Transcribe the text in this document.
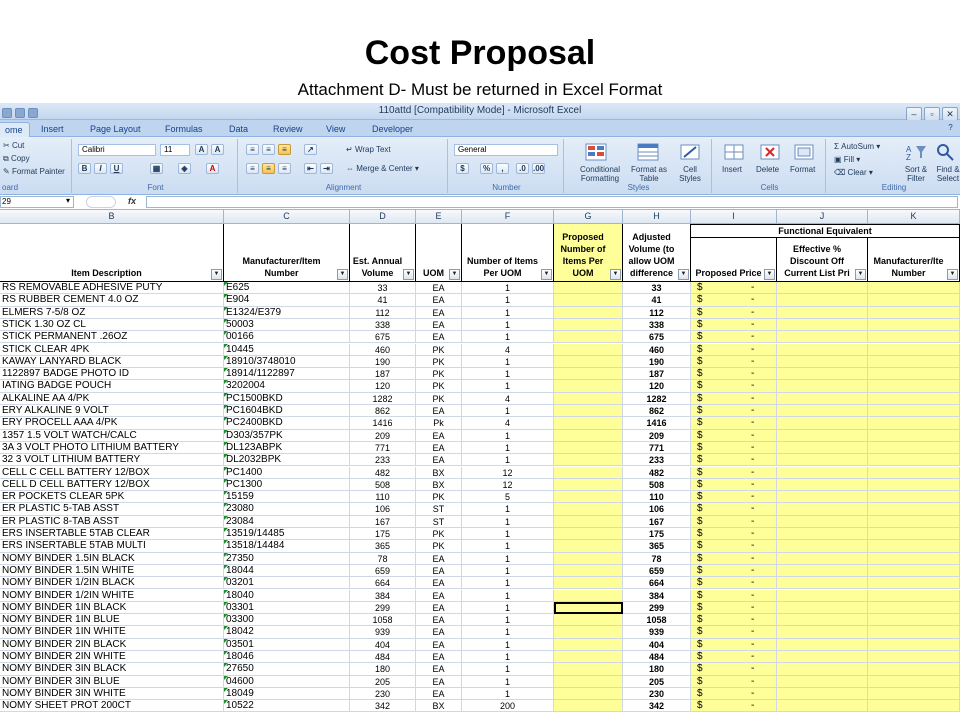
Cost Proposal
Attachment D- Must be returned in Excel Format
110attd [Compatibility Mode] - Microsoft Excel	– ▫ ✕
ome	Insert	Page Layout	Formulas	Data	Review	View	Developer	?
✂ Cut
⧉ Copy
✎ Format Painter
oard
Calibri	11	A	A
B	I	U	▦	◈	A
Font
≡	≡	≡	↗
≡	≡	≡	⇤	⇥
↵ Wrap Text
⇔ Merge & Center ▾
Alignment
General
$	%	,	.0 .00
Number
Conditional Formatting
Format as Table
Cell Styles
Styles
Insert Delete Format
Cells
Σ AutoSum ▾
▣ Fill ▾
⌫ Clear ▾
A
Z
Sort & Filter
Find & Select
Editing
29	▾	fx
B	C	D	E	F	G	H	I	J	K
Functional Equivalent
Item Description	▼
Manufacturer/Item Number	▼
Est. Annual Volume	▼	UOM	▼
Number of Items Per UOM	▼
Proposed Number of Items Per UOM	▼
Adjusted Volume (to allow UOM difference	▼	Proposed Price ▼
Effective % Discount Off Current List Pri	▼
Manufacturer/Ite Number	▼
RS REMOVABLE ADHESIVE PUTY	E625	33	EA	1	33	$	-
RS RUBBER CEMENT 4.0 OZ	E904	41	EA	1	41	$	-
ELMERS 7-5/8 OZ	E1324/E379	112	EA	1	112	$	-
STICK 1.30 OZ CL	50003	338	EA	1	338	$	-
STICK PERMANENT .26OZ	00166	675	EA	1	675	$	-
STICK CLEAR 4PK	10445	460	PK	4	460	$	-
KAWAY LANYARD BLACK	18910/3748010	190	PK	1	190	$	-
1122897 BADGE PHOTO ID	18914/1122897	187	PK	1	187	$	-
IATING BADGE POUCH	3202004	120	PK	1	120	$	-
ALKALINE AA 4/PK	PC1500BKD	1282	PK	4	1282	$	-
ERY ALKALINE 9 VOLT	PC1604BKD	862	EA	1	862	$	-
ERY PROCELL AAA 4/PK	PC2400BKD	1416	Pk	4	1416	$	-
1357 1.5 VOLT WATCH/CALC	D303/357PK	209	EA	1	209	$	-
3A 3 VOLT PHOTO LITHIUM BATTERY	DL123ABPK	771	EA	1	771	$	-
32 3 VOLT LITHIUM BATTERY	DL2032BPK	233	EA	1	233	$	-
CELL C CELL BATTERY 12/BOX	PC1400	482	BX	12	482	$	-
CELL D CELL BATTERY 12/BOX	PC1300	508	BX	12	508	$	-
ER POCKETS CLEAR 5PK	15159	110	PK	5	110	$	-
ER PLASTIC 5-TAB ASST	23080	106	ST	1	106	$	-
ER PLASTIC 8-TAB ASST	23084	167	ST	1	167	$	-
ERS INSERTABLE 5TAB CLEAR	13519/14485	175	PK	1	175	$	-
ERS INSERTABLE 5TAB MULTI	13518/14484	365	PK	1	365	$	-
NOMY BINDER 1.5IN BLACK	27350	78	EA	1	78	$	-
NOMY BINDER 1.5IN WHITE	18044	659	EA	1	659	$	-
NOMY BINDER 1/2IN BLACK	03201	664	EA	1	664	$	-
NOMY BINDER 1/2IN WHITE	18040	384	EA	1	384	$	-
NOMY BINDER 1IN BLACK	03301	299	EA	1	299	$	-
NOMY BINDER 1IN BLUE	03300	1058	EA	1	1058	$	-
NOMY BINDER 1IN WHITE	18042	939	EA	1	939	$	-
NOMY BINDER 2IN BLACK	03501	404	EA	1	404	$	-
NOMY BINDER 2IN WHITE	18046	484	EA	1	484	$	-
NOMY BINDER 3IN BLACK	27650	180	EA	1	180	$	-
NOMY BINDER 3IN BLUE	04600	205	EA	1	205	$	-
NOMY BINDER 3IN WHITE	18049	230	EA	1	230	$	-
NOMY SHEET PROT 200CT	10522	342	BX	200	342	$	-
